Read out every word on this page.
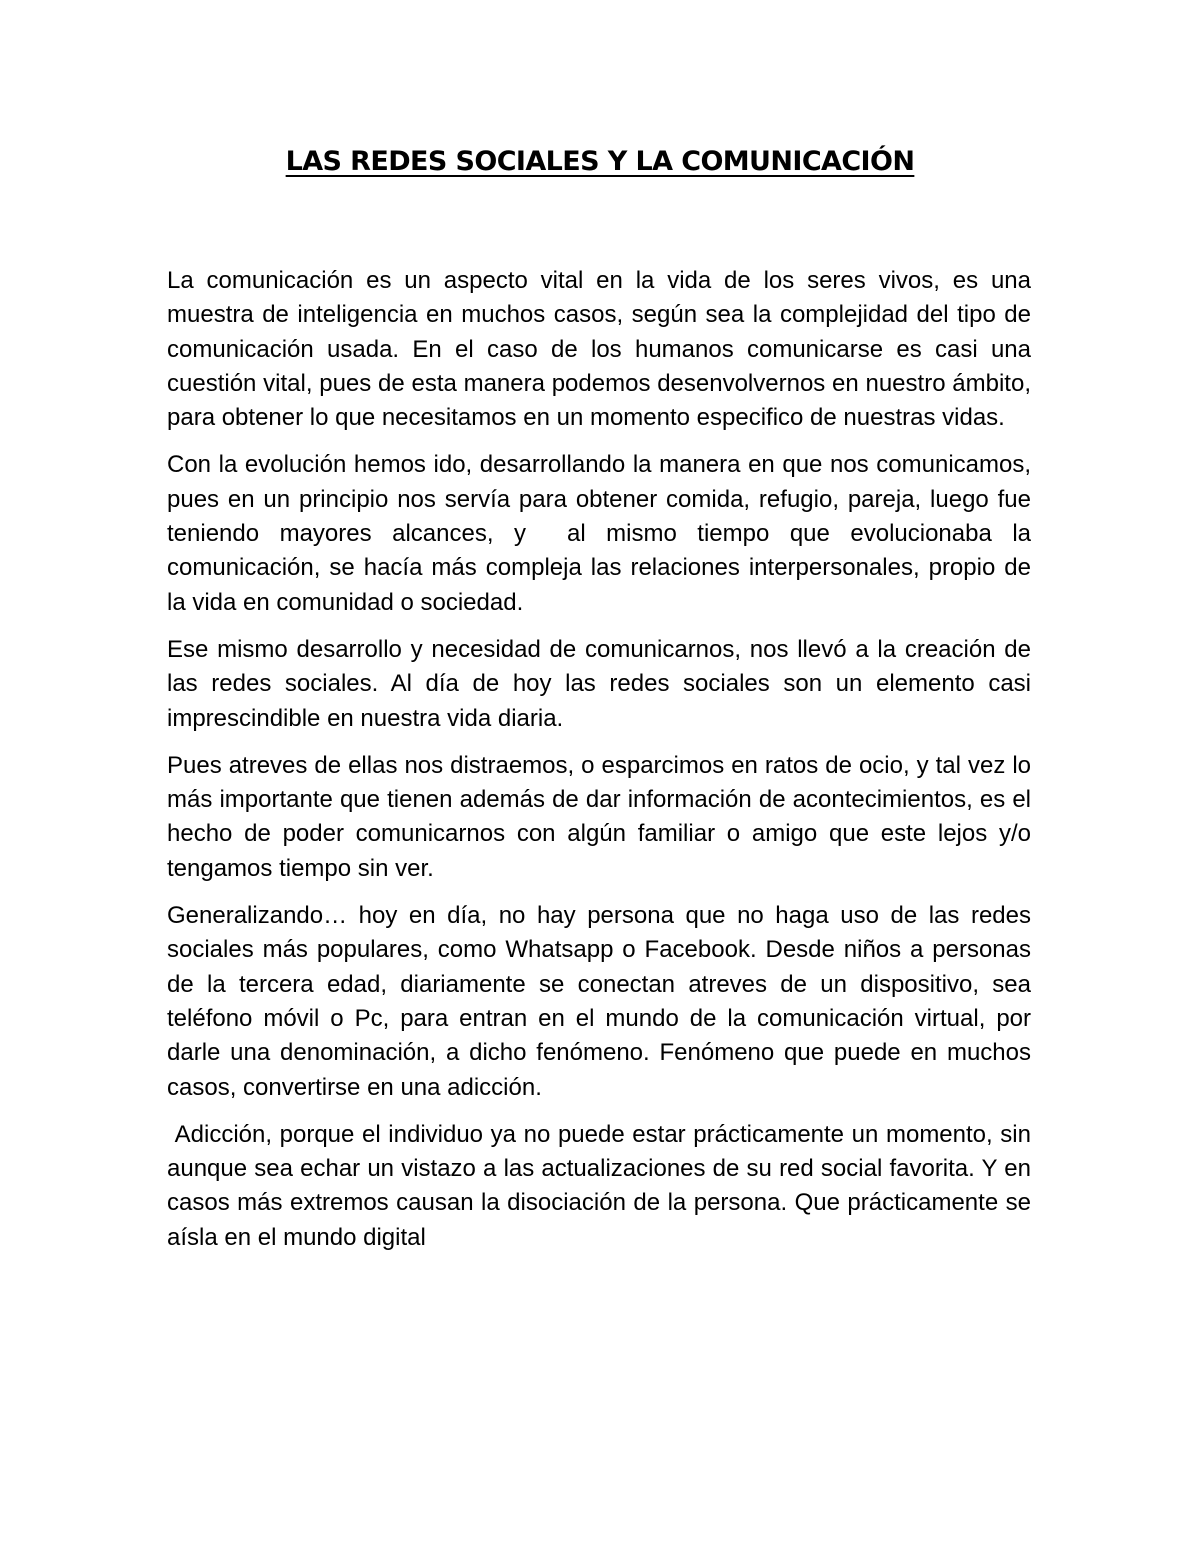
LAS REDES SOCIALES Y LA COMUNICACIÓN

La comunicación es un aspecto vital en la vida de los seres vivos, es una muestra de inteligencia en muchos casos, según sea la complejidad del tipo de comunicación usada. En el caso de los humanos comunicarse es casi una cuestión vital, pues de esta manera podemos desenvolvernos en nuestro ámbito, para obtener lo que necesitamos en un momento especifico de nuestras vidas.

Con la evolución hemos ido, desarrollando la manera en que nos comunicamos, pues en un principio nos servía para obtener comida, refugio, pareja, luego fue teniendo mayores alcances, y  al mismo tiempo que evolucionaba la comunicación, se hacía más compleja las relaciones interpersonales, propio de la vida en comunidad o sociedad.

Ese mismo desarrollo y necesidad de comunicarnos, nos llevó a la creación de las redes sociales. Al día de hoy las redes sociales son un elemento casi imprescindible en nuestra vida diaria.

Pues atreves de ellas nos distraemos, o esparcimos en ratos de ocio, y tal vez lo más importante que tienen además de dar información de acontecimientos, es el hecho de poder comunicarnos con algún familiar o amigo que este lejos y/o tengamos tiempo sin ver.

Generalizando… hoy en día, no hay persona que no haga uso de las redes sociales más populares, como Whatsapp o Facebook. Desde niños a personas de la tercera edad, diariamente se conectan atreves de un dispositivo, sea teléfono móvil o Pc, para entran en el mundo de la comunicación virtual, por darle una denominación, a dicho fenómeno. Fenómeno que puede en muchos casos, convertirse en una adicción.

Adicción, porque el individuo ya no puede estar prácticamente un momento, sin aunque sea echar un vistazo a las actualizaciones de su red social favorita. Y en casos más extremos causan la disociación de la persona. Que prácticamente se aísla en el mundo digital
